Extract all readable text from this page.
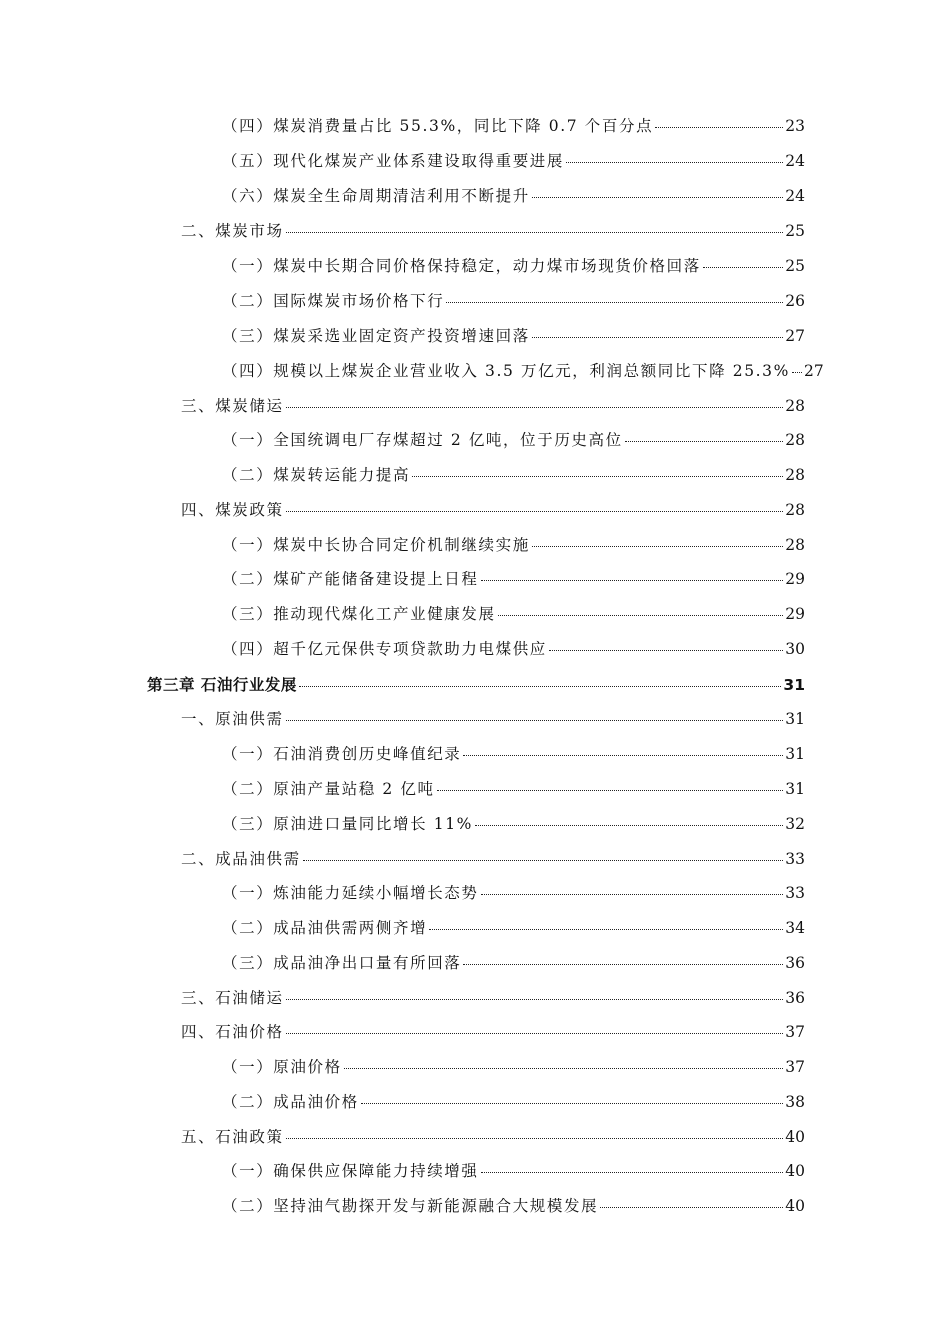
（四）煤炭消费量占比 55.3%，同比下降 0.7 个百分点	23
（五）现代化煤炭产业体系建设取得重要进展	24
（六）煤炭全生命周期清洁利用不断提升	24
二、煤炭市场	25
（一）煤炭中长期合同价格保持稳定，动力煤市场现货价格回落	25
（二）国际煤炭市场价格下行	26
（三）煤炭采选业固定资产投资增速回落	27
（四）规模以上煤炭企业营业收入 3.5 万亿元，利润总额同比下降 25.3% 27
三、煤炭储运	28
（一）全国统调电厂存煤超过 2 亿吨，位于历史高位	28
（二）煤炭转运能力提高	28
四、煤炭政策	28
（一）煤炭中长协合同定价机制继续实施	28
（二）煤矿产能储备建设提上日程	29
（三）推动现代煤化工产业健康发展	29
（四）超千亿元保供专项贷款助力电煤供应	30
第三章 石油行业发展	31
一、原油供需	31
（一）石油消费创历史峰值纪录	31
（二）原油产量站稳 2 亿吨	31
（三）原油进口量同比增长 11%	32
二、成品油供需	33
（一）炼油能力延续小幅增长态势	33
（二）成品油供需两侧齐增	34
（三）成品油净出口量有所回落	36
三、石油储运	36
四、石油价格	37
（一）原油价格	37
（二）成品油价格	38
五、石油政策	40
（一）确保供应保障能力持续增强	40
（二）坚持油气勘探开发与新能源融合大规模发展	40
